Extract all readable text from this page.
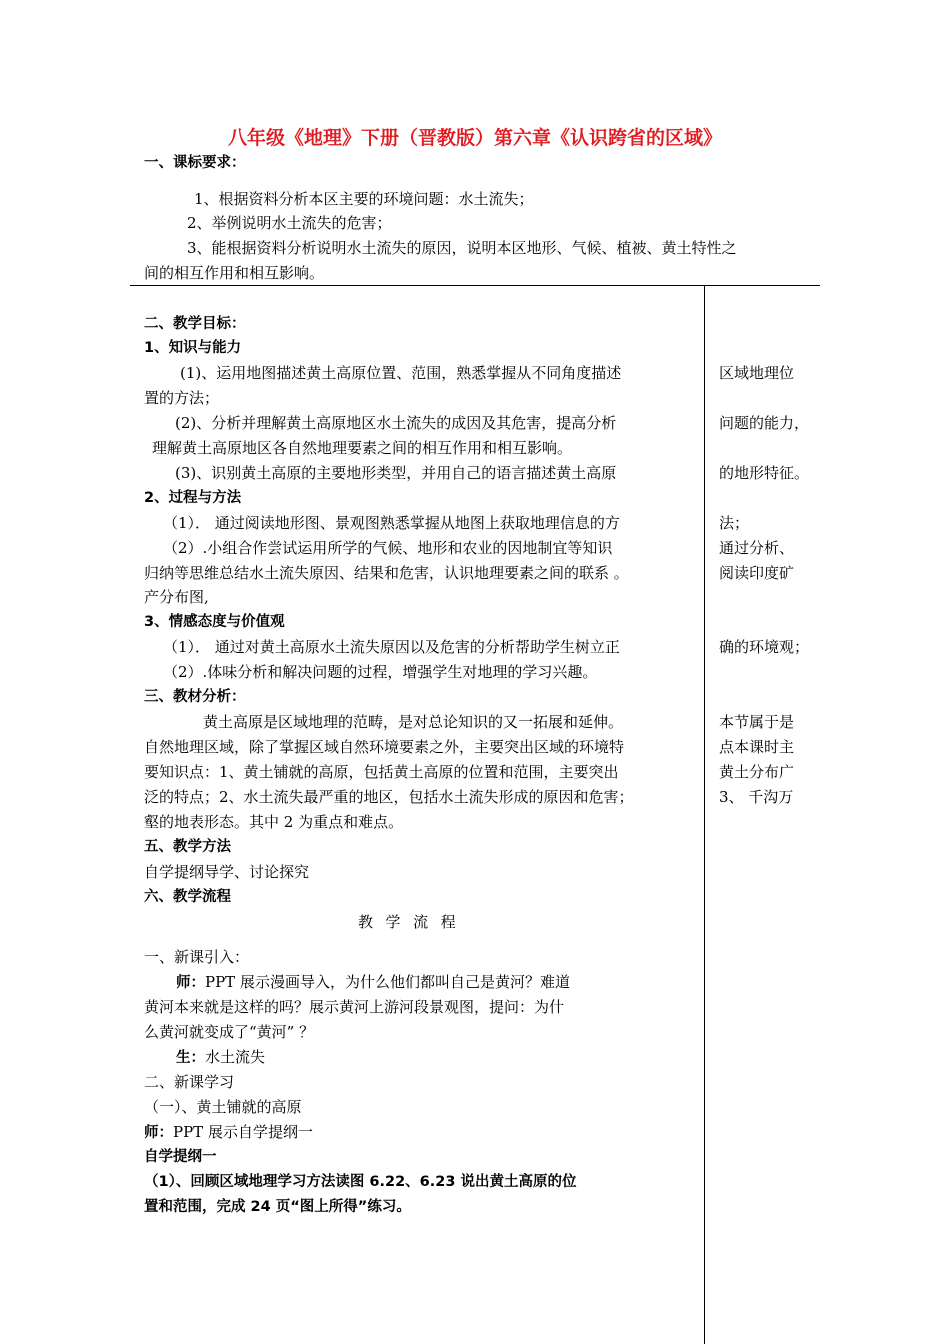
八年级《地理》下册（晋教版）第六章《认识跨省的区域》
一、课标要求：
1、根据资料分析本区主要的环境问题：水土流失；
2、举例说明水土流失的危害；
3、能根据资料分析说明水土流失的原因，说明本区地形、气候、植被、黄土特性之
间的相互作用和相互影响。
二、教学目标：
1、知识与能力
(1)、运用地图描述黄土高原位置、范围，熟悉掌握从不同角度描述
置的方法；
(2)、分析并理解黄土高原地区水土流失的成因及其危害，提高分析
理解黄土高原地区各自然地理要素之间的相互作用和相互影响。
(3)、识别黄土高原的主要地形类型，并用自己的语言描述黄土高原
2、过程与方法
（1）． 通过阅读地形图、景观图熟悉掌握从地图上获取地理信息的方
（2）.小组合作尝试运用所学的气候、地形和农业的因地制宜等知识
归纳等思维总结水土流失原因、结果和危害，认识地理要素之间的联系 。
产分布图,
3、情感态度与价值观
（1）． 通过对黄土高原水土流失原因以及危害的分析帮助学生树立正
（2）.体味分析和解决问题的过程，增强学生对地理的学习兴趣。
三、教材分析：
黄土高原是区域地理的范畴，是对总论知识的又一拓展和延伸。
自然地理区域，除了掌握区域自然环境要素之外，主要突出区域的环境特
要知识点：1、黄土铺就的高原，包括黄土高原的位置和范围，主要突出
泛的特点；2、水土流失最严重的地区，包括水土流失形成的原因和危害；
壑的地表形态。其中 2 为重点和难点。
五、教学方法
自学提纲导学、讨论探究
六、教学流程
教  学  流  程
一、新课引入：
师：PPT 展示漫画导入，为什么他们都叫自己是黄河？难道
黄河本来就是这样的吗？展示黄河上游河段景观图，提问：为什
么黄河就变成了“黄河” ？
生：水土流失
二、新课学习
（一）、黄土铺就的高原
师：PPT 展示自学提纲一
自学提纲一
（1）、回顾区域地理学习方法读图 6.22、6.23 说出黄土高原的位
置和范围，完成 24 页“图上所得”练习。
区域地理位
问题的能力，
的地形特征。
法；
通过分析、
阅读印度矿
确的环境观；
本节属于是
点本课时主
黄土分布广
3、 千沟万
